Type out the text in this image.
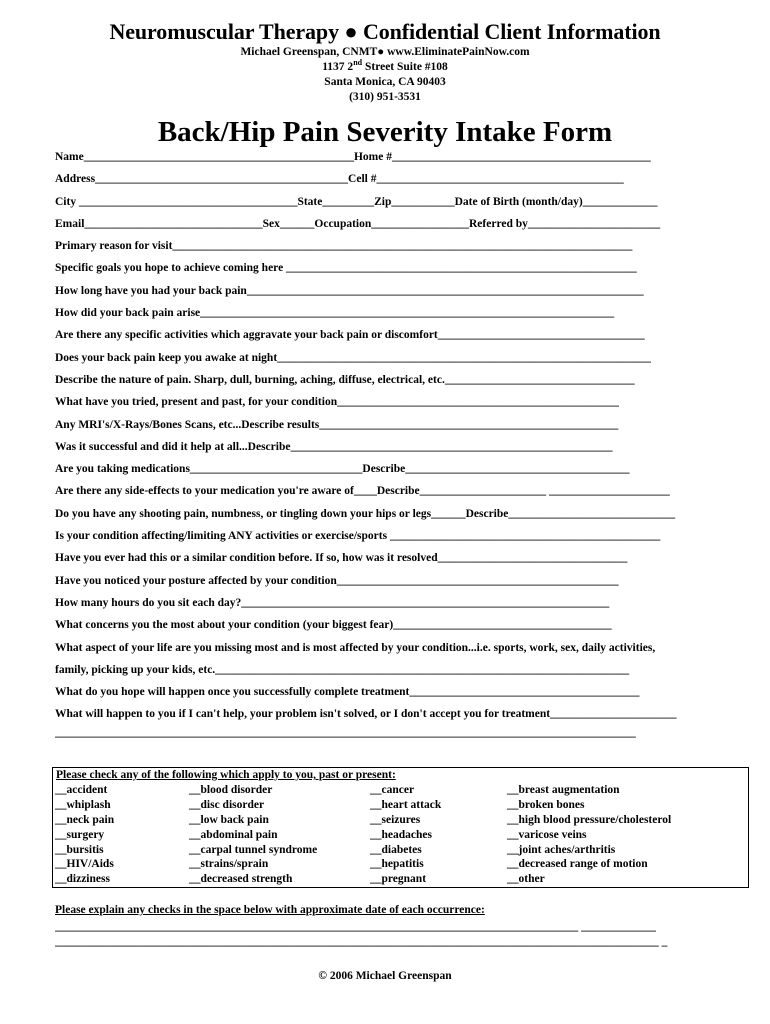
Neuromuscular Therapy ● Confidential Client Information
Michael Greenspan, CNMT● www.EliminatePainNow.com
1137 2nd Street Suite #108
Santa Monica, CA 90403
(310) 951-3531
Back/Hip Pain Severity Intake Form
Name_______________________________________________Home #_____________________________________________
Address____________________________________________Cell #___________________________________________
City ______________________________________State_________Zip___________Date of Birth (month/day)_____________
Email_______________________________Sex______Occupation_________________Referred by_______________________
Primary reason for visit________________________________________________________________________________
Specific goals you hope to achieve coming here _____________________________________________________________
How long have you had your back pain_____________________________________________________________________
How did your back pain arise________________________________________________________________________
Are there any specific activities which aggravate your back pain or discomfort____________________________________
Does your back pain keep you awake at night_________________________________________________________________
Describe the nature of pain. Sharp, dull, burning, aching, diffuse, electrical, etc._________________________________
What have you tried, present and past, for your condition_________________________________________________
Any MRI's/X-Rays/Bones Scans, etc...Describe results____________________________________________________
Was it successful and did it help at all...Describe________________________________________________________
Are you taking medications______________________________Describe_______________________________________
Are there any side-effects to your medication you're aware of____Describe______________________ _____________________
Do you have any shooting pain, numbness, or tingling down your hips or legs______Describe_____________________________
Is your condition affecting/limiting ANY activities or exercise/sports _______________________________________________
Have you ever had this or a similar condition before. If so, how was it resolved_________________________________
Have you noticed your posture affected by your condition_________________________________________________
How many hours do you sit each day?________________________________________________________________
What concerns you the most about your condition (your biggest fear)______________________________________
What aspect of your life are you missing most and is most affected by your condition...i.e. sports, work, sex, daily activities,
family, picking up your kids, etc.________________________________________________________________________
What do you hope will happen once you successfully complete treatment________________________________________
What will happen to you if I can't help, your problem isn't solved, or I don't accept you for treatment______________________
_____________________________________________________________________________________________________
Please check any of the following which apply to you, past or present:
__accident
__whiplash
__neck pain
__surgery
__bursitis
__HIV/Aids
__dizziness
__blood disorder
__disc disorder
__low back pain
__abdominal pain
__carpal tunnel syndrome
__strains/sprain
__decreased strength
__cancer
__heart attack
__seizures
__headaches
__diabetes
__hepatitis
__pregnant
__breast augmentation
__broken bones
__high blood pressure/cholesterol
__varicose veins
__joint aches/arthritis
__decreased range of motion
__other
Please explain any checks in the space below with approximate date of each occurrence:
___________________________________________________________________________________________ _____________
_________________________________________________________________________________________________________ _
© 2006 Michael Greenspan
